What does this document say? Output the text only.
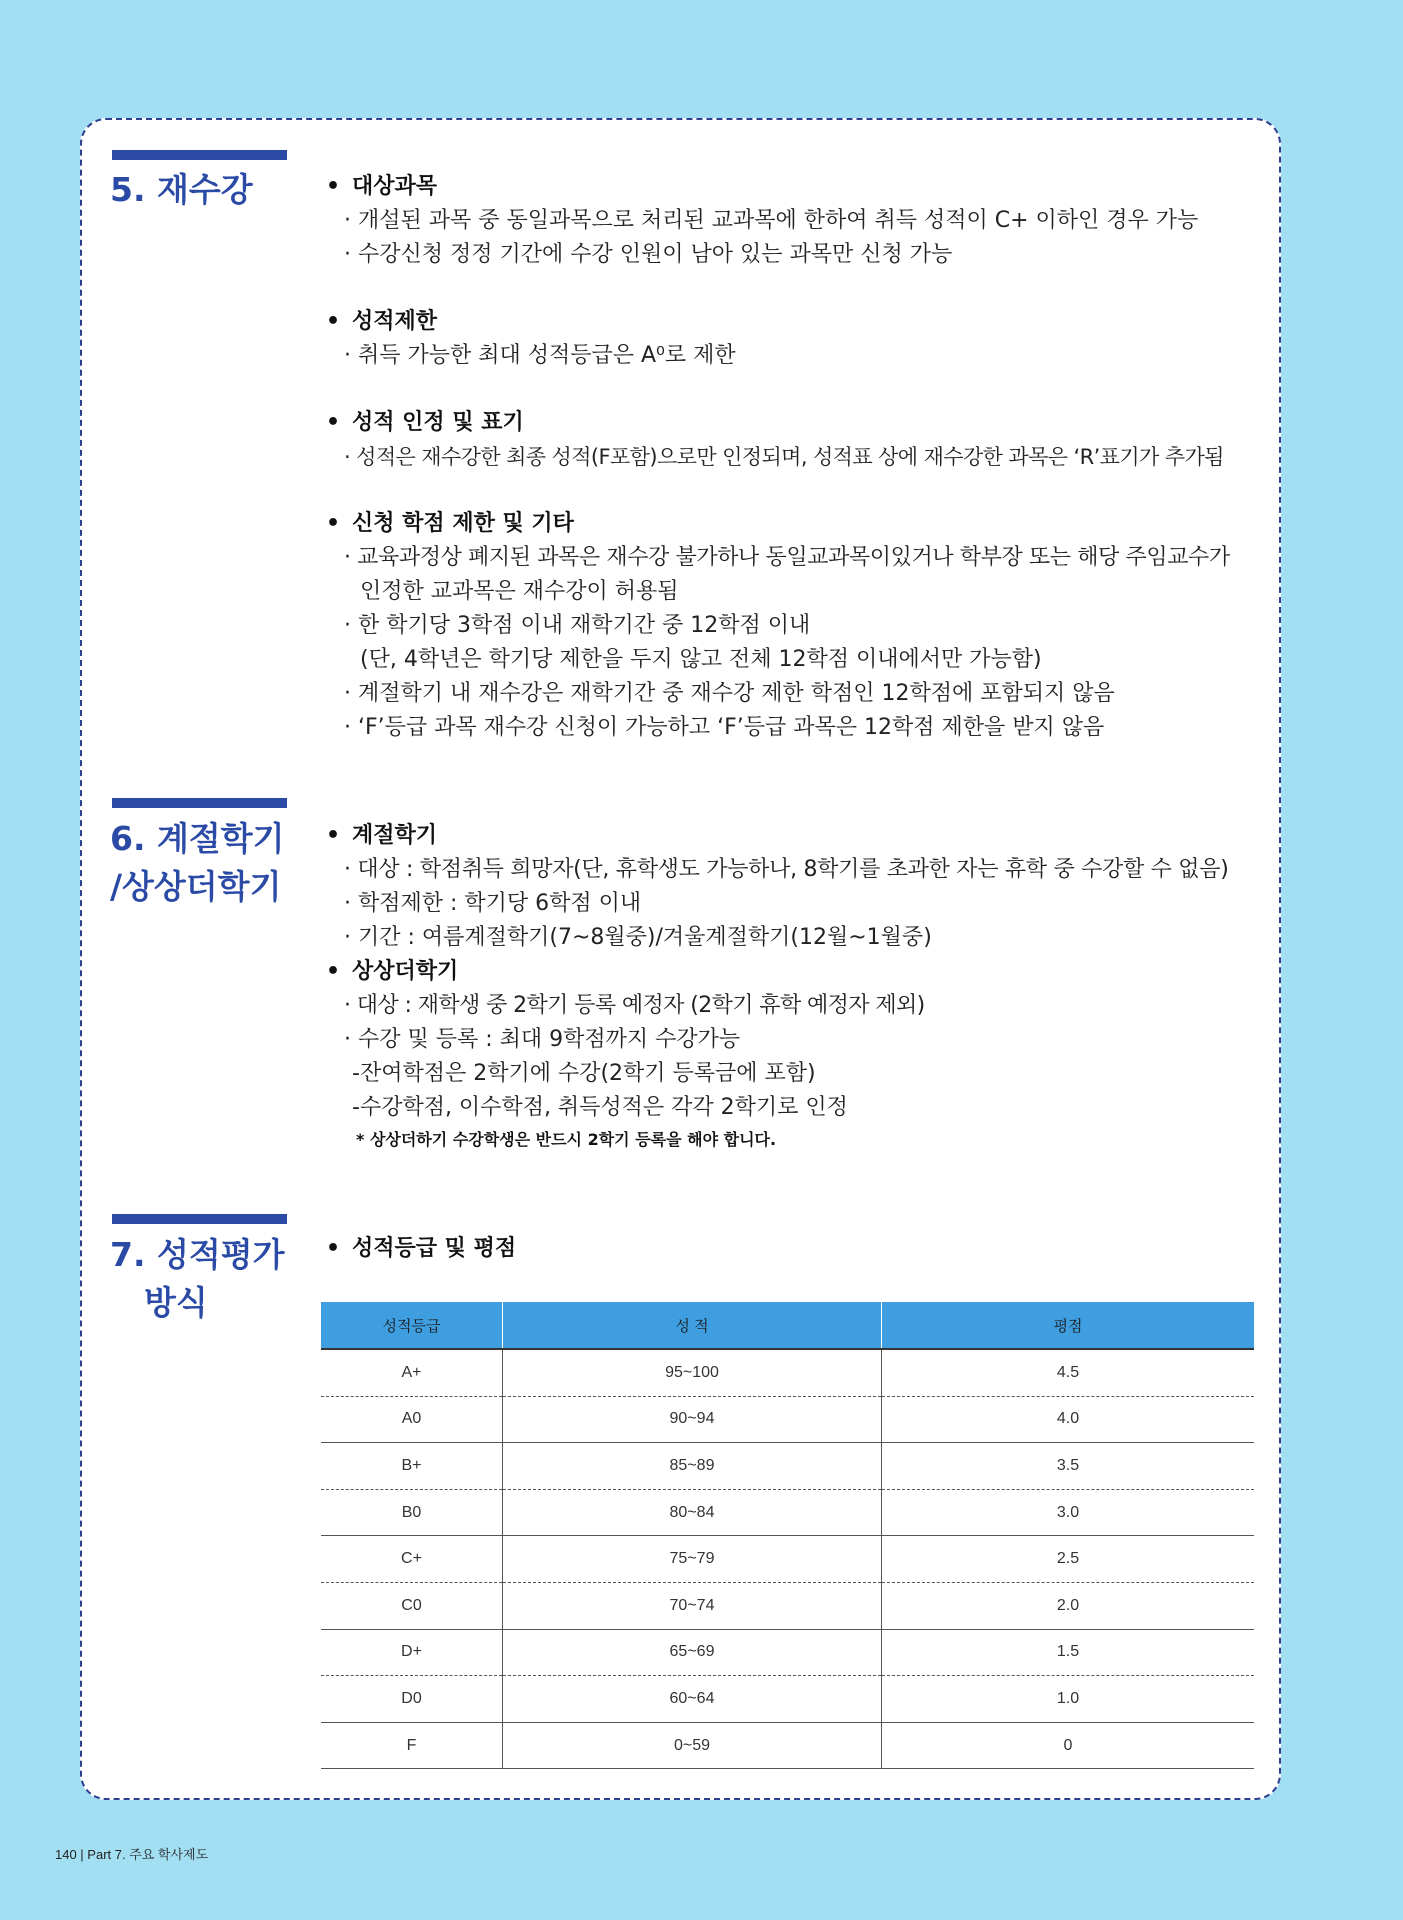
5. 재수강	• 대상과목
· 개설된 과목 중 동일과목으로 처리된 교과목에 한하여 취득 성적이 C+ 이하인 경우 가능
· 수강신청 정정 기간에 수강 인원이 남아 있는 과목만 신청 가능
• 성적제한
· 취득 가능한 최대 성적등급은 A⁰로 제한
• 성적 인정 및 표기
· 성적은 재수강한 최종 성적(F포함)으로만 인정되며, 성적표 상에 재수강한 과목은 ‘R’표기가 추가됨
• 신청 학점 제한 및 기타
· 교육과정상 폐지된 과목은 재수강 불가하나 동일교과목이있거나 학부장 또는 해당 주임교수가
인정한 교과목은 재수강이 허용됨
· 한 학기당 3학점 이내 재학기간 중 12학점 이내
(단, 4학년은 학기당 제한을 두지 않고 전체 12학점 이내에서만 가능함)
· 계절학기 내 재수강은 재학기간 중 재수강 제한 학점인 12학점에 포함되지 않음
· ‘F’등급 과목 재수강 신청이 가능하고 ‘F’등급 과목은 12학점 제한을 받지 않음
6. 계절학기
/상상더학기
• 계절학기
· 대상 : 학점취득 희망자(단, 휴학생도 가능하나, 8학기를 초과한 자는 휴학 중 수강할 수 없음)
· 학점제한 : 학기당 6학점 이내
· 기간 : 여름계절학기(7~8월중)/겨울계절학기(12월~1월중)
• 상상더학기
· 대상 : 재학생 중 2학기 등록 예정자 (2학기 휴학 예정자 제외)
· 수강 및 등록 : 최대 9학점까지 수강가능
-잔여학점은 2학기에 수강(2학기 등록금에 포함)
-수강학점, 이수학점, 취득성적은 각각 2학기로 인정
* 상상더하기 수강학생은 반드시 2학기 등록을 해야 합니다.
7. 성적평가
방식
• 성적등급 및 평점
성적등급	성 적	평점
A+	95~100	4.5
A0	90~94	4.0
B+	85~89	3.5
B0	80~84	3.0
C+	75~79	2.5
C0	70~74	2.0
D+	65~69	1.5
D0	60~64	1.0
F	0~59	0
140 | Part 7. 주요 학사제도
